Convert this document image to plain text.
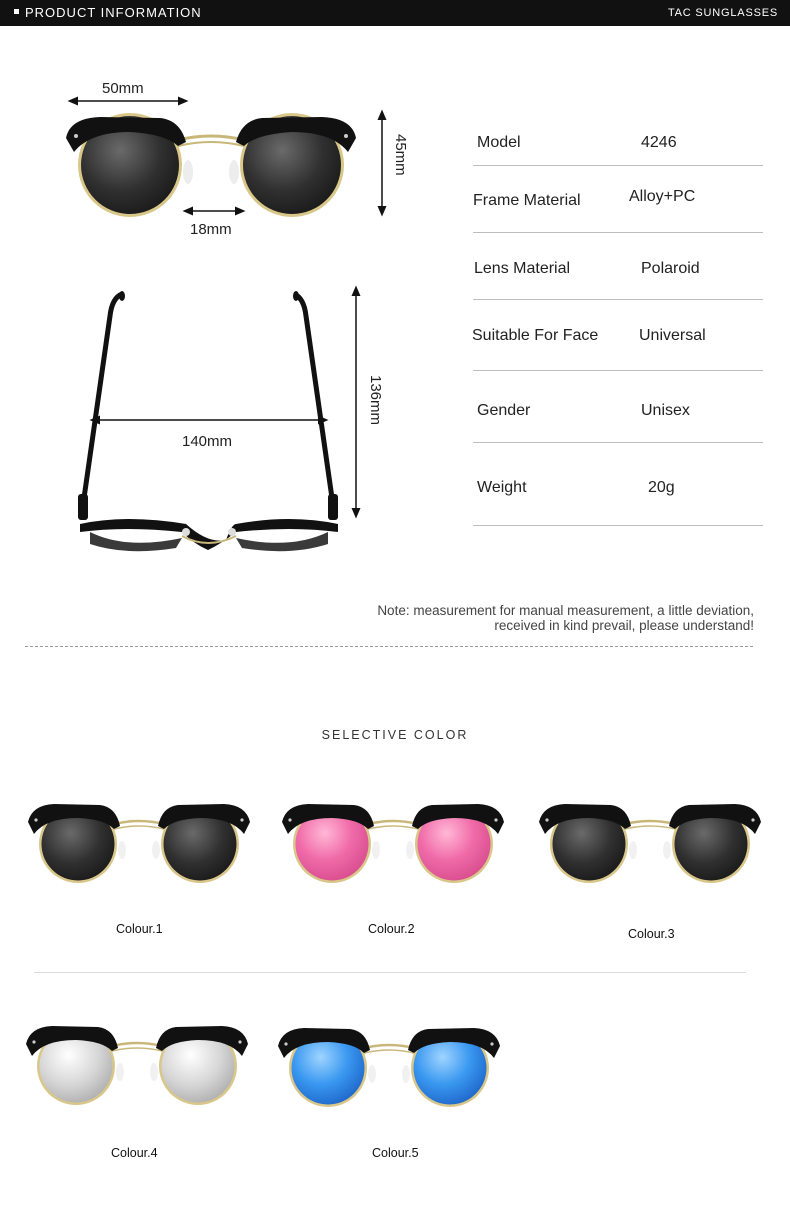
PRODUCT INFORMATION	TAC SUNGLASSES
50mm
18mm
45mm
140mm
136mm
Model	4246
Frame Material	Alloy+PC
Lens Material	Polaroid
Suitable For Face	Universal
Gender	Unisex
Weight	20g
Note: measurement for manual measurement, a little deviation,
received in kind prevail, please understand!
SELECTIVE COLOR
Colour.1	Colour.2	Colour.3
Colour.4	Colour.5
